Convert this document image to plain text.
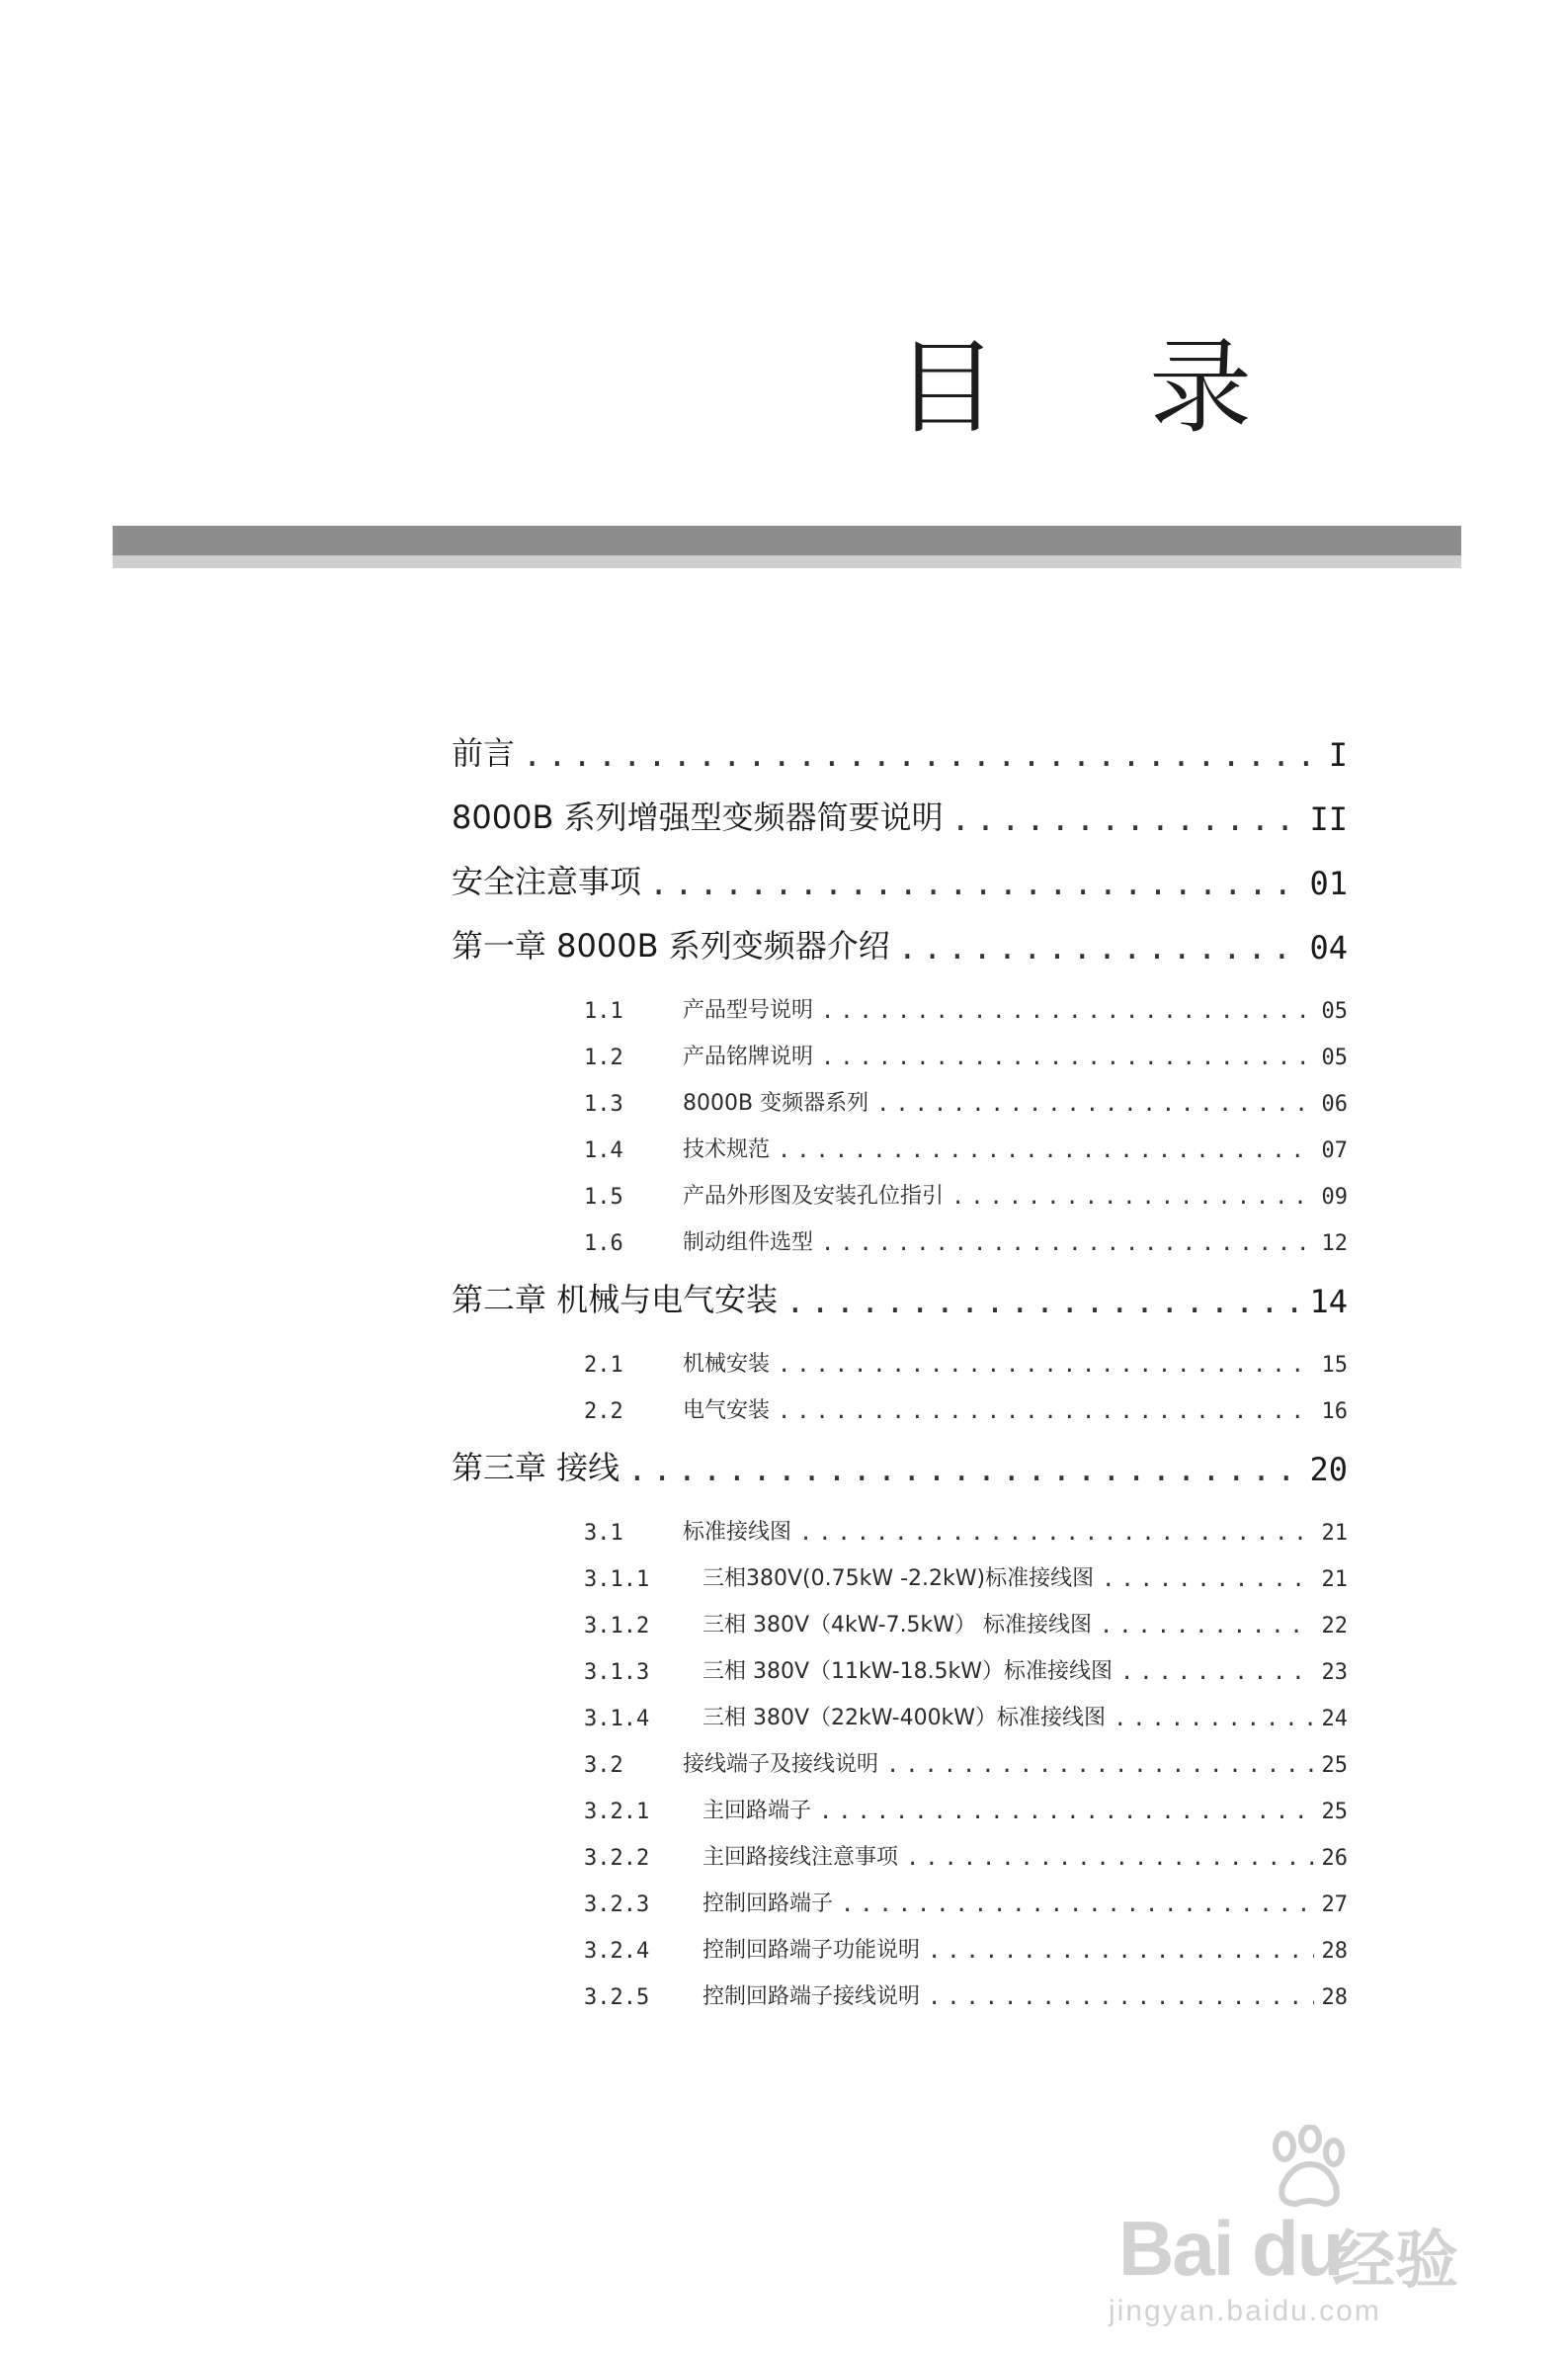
目 录
前言 .....	I
8000B 系列增强型变频器简要说明 .....	II
安全注意事项 .....	01
第一章 8000B 系列变频器介绍 .....	04
1.1	产品型号说明 .....	05
1.2	产品铭牌说明 .....	05
1.3	8000B 变频器系列 .....	06
1.4	技术规范 .....	07
1.5	产品外形图及安装孔位指引 .....	09
1.6	制动组件选型 .....	12
第二章 机械与电气安装 .....	14
2.1	机械安装 .....	15
2.2	电气安装 .....	16
第三章 接线 .....	20
3.1	标准接线图 .....	21
3.1.1	三相380V(0.75kW -2.2kW)标准接线图 .....	21
3.1.2	三相 380V（4kW-7.5kW） 标准接线图 .....	22
3.1.3	三相 380V（11kW-18.5kW）标准接线图 .....	23
3.1.4	三相 380V（22kW-400kW）标准接线图 .....	24
3.2	接线端子及接线说明 .....	25
3.2.1	主回路端子 .....	25
3.2.2	主回路接线注意事项 .....	26
3.2.3	控制回路端子 .....	27
3.2.4	控制回路端子功能说明 .....	28
3.2.5	控制回路端子接线说明 .....	28
Bai du
经验
jingyan.baidu.com
